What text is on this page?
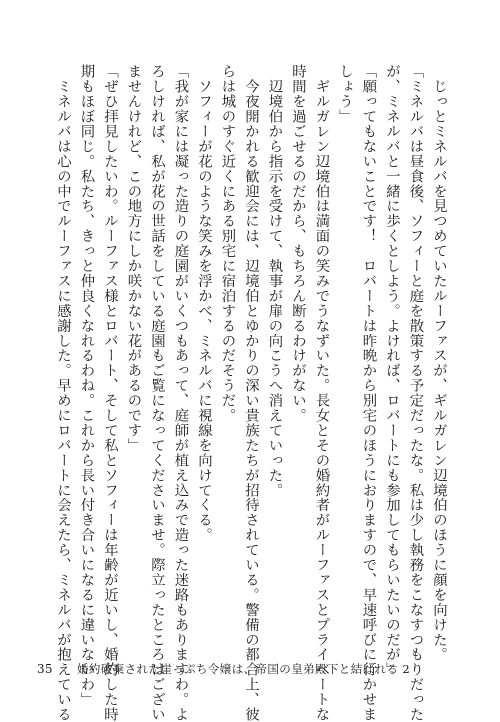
　じっとミネルバを見つめていたルーファスが、ギルガレン辺境伯のほうに顔を向けた。

「ミネルバは昼食後、ソフィーと庭を散策する予定だったな。私は少し執務をこなすつもりだった

が、ミネルバと一緒に歩くとしよう。よければ、ロバートにも参加してもらいたいのだが」

「願ってもないことです！　ロバートは昨晩から別宅のほうにおりますので、早速呼びに行かせま

しょう」

　ギルガレン辺境伯は満面の笑みでうなずいた。長女とその婚約者がルーファスとプライベートな

時間を過ごせるのだから、もちろん断るわけがない。

　辺境伯から指示を受けて、執事が扉の向こうへ消えていった。

　今夜開かれる歓迎会には、辺境伯とゆかりの深い貴族たちが招待されている。警備の都合上、彼

らは城のすぐ近くにある別宅に宿泊するのだそうだ。

　ソフィーが花のような笑みを浮かべ、ミネルバに視線を向けてくる。

「我が家には凝った造りの庭園がいくつもあって、庭師が植え込みで造った迷路もありますわ。よ

ろしければ、私が花の世話をしている庭園もご覧になってくださいませ。際立ったところはござい

ませんけれど、この地方にしか咲かない花があるのです」

「ぜひ拝見したいわ。ルーファス様とロバート、そして私とソフィーは年齢が近いし、婚約した時

期もほぼ同じ。私たち、きっと仲良くなれるわね。これから長い付き合いになるに違いないわ」

　ミネルバは心の中でルーファスに感謝した。早めにロバートに会えたら、ミネルバが抱えている

35 婚約破棄された崖っぷち令嬢は、帝国の皇弟殿下と結ばれる 2
